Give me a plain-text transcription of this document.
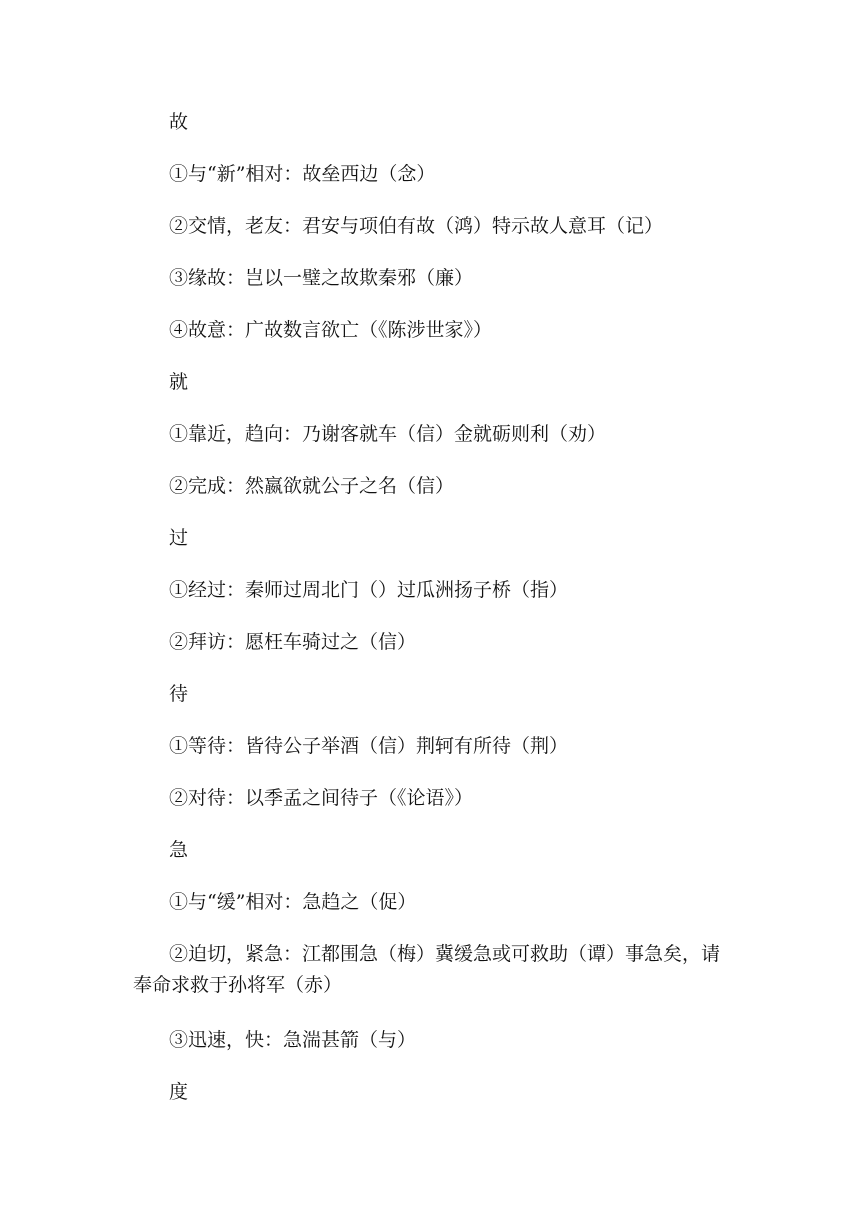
故
①与“新”相对：故垒西边（念）
②交情，老友：君安与项伯有故（鸿）特示故人意耳（记）
③缘故：岂以一璧之故欺秦邪（廉）
④故意：广故数言欲亡（《陈涉世家》）
就
①靠近，趋向：乃谢客就车（信）金就砺则利（劝）
②完成：然嬴欲就公子之名（信）
过
①经过：秦师过周北门（）过瓜洲扬子桥（指）
②拜访：愿枉车骑过之（信）
待
①等待：皆待公子举酒（信）荆轲有所待（荆）
②对待：以季孟之间待子（《论语》）
急
①与“缓”相对：急趋之（促）
②迫切，紧急：江都围急（梅）冀缓急或可救助（谭）事急矣，请奉命求救于孙将军（赤）
③迅速，快：急湍甚箭（与）
度
